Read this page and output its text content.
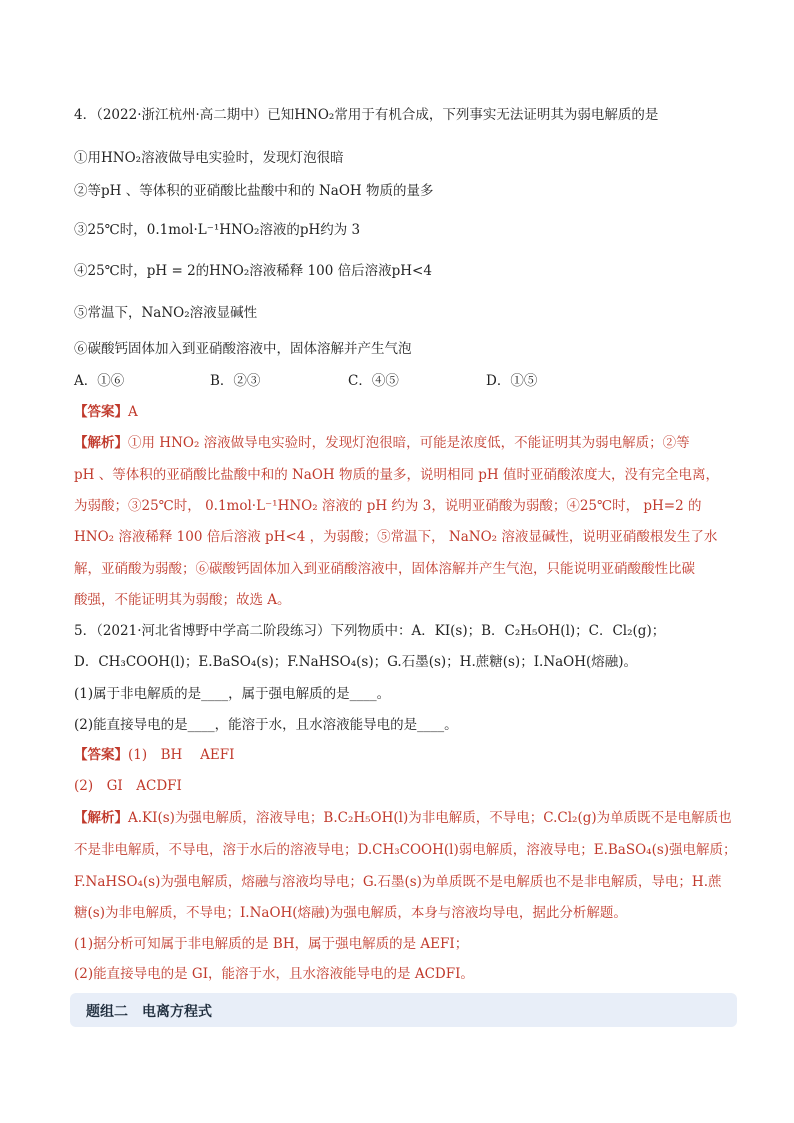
4．（2022·浙江杭州·高二期中）已知HNO₂常用于有机合成，下列事实无法证明其为弱电解质的是
①用HNO₂溶液做导电实验时，发现灯泡很暗
②等pH 、等体积的亚硝酸比盐酸中和的 NaOH 物质的量多
③25℃时，0.1mol·L⁻¹HNO₂溶液的pH约为 3
④25℃时，pH = 2的HNO₂溶液稀释 100 倍后溶液pH<4
⑤常温下，NaNO₂溶液显碱性
⑥碳酸钙固体加入到亚硝酸溶液中，固体溶解并产生气泡
A．①⑥	B．②③	C．④⑤	D．①⑤
【答案】A
【解析】①用 HNO₂ 溶液做导电实验时，发现灯泡很暗，可能是浓度低，不能证明其为弱电解质；②等
pH 、等体积的亚硝酸比盐酸中和的 NaOH 物质的量多，说明相同 pH 值时亚硝酸浓度大，没有完全电离，
为弱酸；③25℃时， 0.1mol·L⁻¹HNO₂ 溶液的 pH 约为 3，说明亚硝酸为弱酸；④25℃时， pH=2 的
HNO₂ 溶液稀释 100 倍后溶液 pH<4 ，为弱酸；⑤常温下， NaNO₂ 溶液显碱性，说明亚硝酸根发生了水
解，亚硝酸为弱酸；⑥碳酸钙固体加入到亚硝酸溶液中，固体溶解并产生气泡，只能说明亚硝酸酸性比碳
酸强，不能证明其为弱酸；故选 A。
5．（2021·河北省博野中学高二阶段练习）下列物质中：A．KI(s)；B．C₂H₅OH(l)；C．Cl₂(g)；
D．CH₃COOH(l)；E.BaSO₄(s)；F.NaHSO₄(s)；G.石墨(s)；H.蔗糖(s)；I.NaOH(熔融)。
(1)属于非电解质的是____，属于强电解质的是____。
(2)能直接导电的是____，能溶于水，且水溶液能导电的是____。
【答案】(1)　BH　 AEFI
(2)　GI　ACDFI
【解析】A.KI(s)为强电解质，溶液导电；B.C₂H₅OH(l)为非电解质，不导电；C.Cl₂(g)为单质既不是电解质也
不是非电解质，不导电，溶于水后的溶液导电；D.CH₃COOH(l)弱电解质，溶液导电；E.BaSO₄(s)强电解质；
F.NaHSO₄(s)为强电解质，熔融与溶液均导电；G.石墨(s)为单质既不是电解质也不是非电解质，导电；H.蔗
糖(s)为非电解质，不导电；I.NaOH(熔融)为强电解质，本身与溶液均导电，据此分析解题。
(1)据分析可知属于非电解质的是 BH，属于强电解质的是 AEFI；
(2)能直接导电的是 GI，能溶于水，且水溶液能导电的是 ACDFI。
题组二　电离方程式
